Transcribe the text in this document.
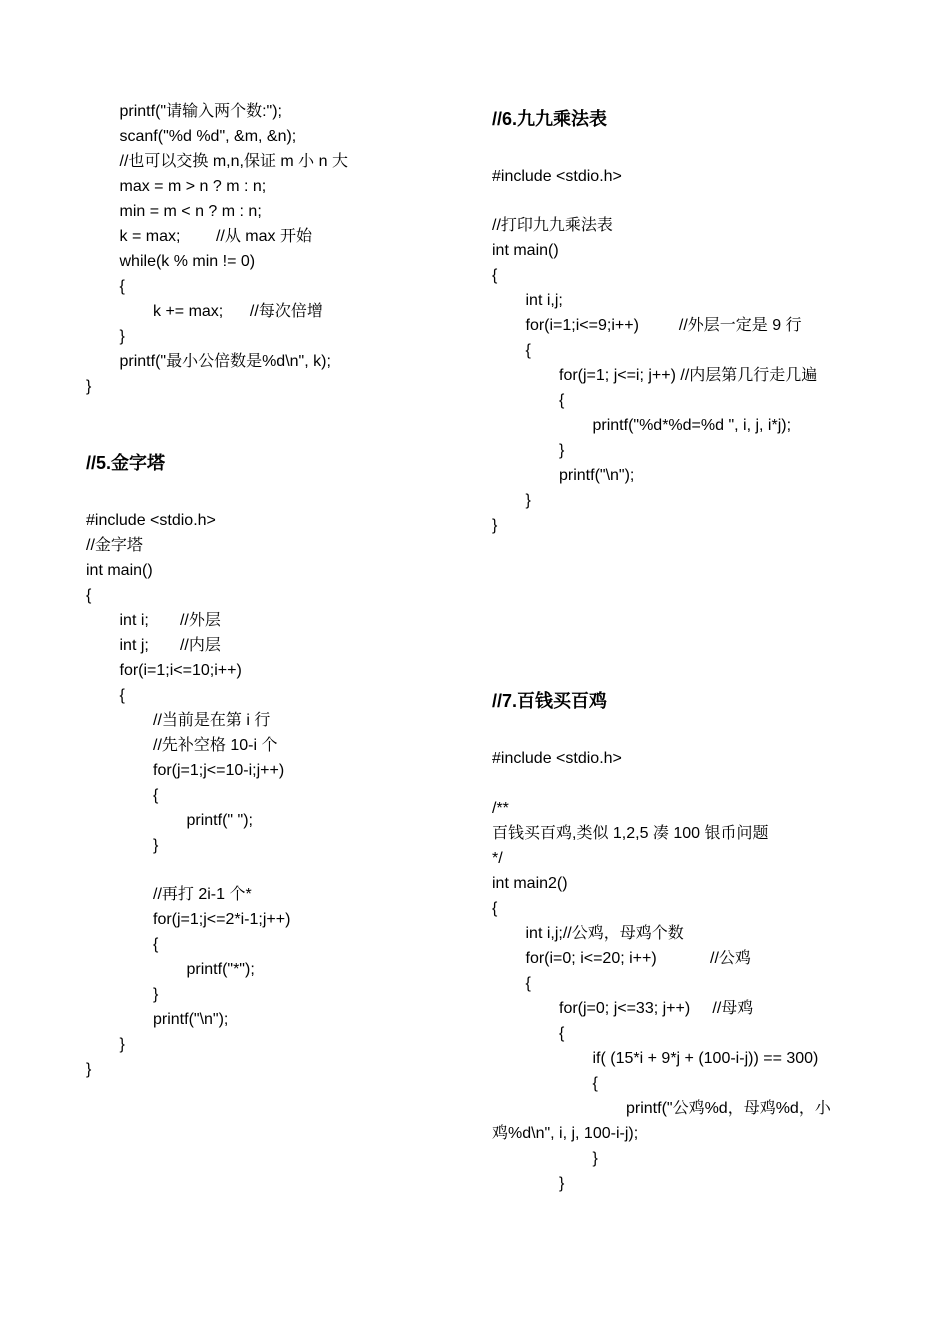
printf("请输入两个数:");
scanf("%d %d", &m, &n);
//也可以交换 m,n,保证 m 小 n 大
max = m > n ? m : n;
min = m < n ? m : n;
k = max;        //从 max 开始
while(k % min != 0)
{
k += max;      //每次倍增
}
printf("最小公倍数是%d\n", k);
}
//5.金字塔
#include <stdio.h>
//金字塔
int main()
{
int i;       //外层
int j;       //内层
for(i=1;i<=10;i++)
{
//当前是在第 i 行
//先补空格 10-i 个
for(j=1;j<=10-i;j++)
{
printf(" ");
}
//再打 2i-1 个*
for(j=1;j<=2*i-1;j++)
{
printf("*");
}
printf("\n");
}
}
//6.九九乘法表
#include <stdio.h>
//打印九九乘法表
int main()
{
int i,j;
for(i=1;i<=9;i++)         //外层一定是 9 行
{
for(j=1; j<=i; j++) //内层第几行走几遍
{
printf("%d*%d=%d ", i, j, i*j);
}
printf("\n");
}
}
//7.百钱买百鸡
#include <stdio.h>
/**
百钱买百鸡,类似 1,2,5 凑 100 银币问题
*/
int main2()
{
int i,j;//公鸡，母鸡个数
for(i=0; i<=20; i++)            //公鸡
{
for(j=0; j<=33; j++)     //母鸡
{
if( (15*i + 9*j + (100-i-j)) == 300)
{
printf("公鸡%d，母鸡%d，小
鸡%d\n", i, j, 100-i-j);
}
}
